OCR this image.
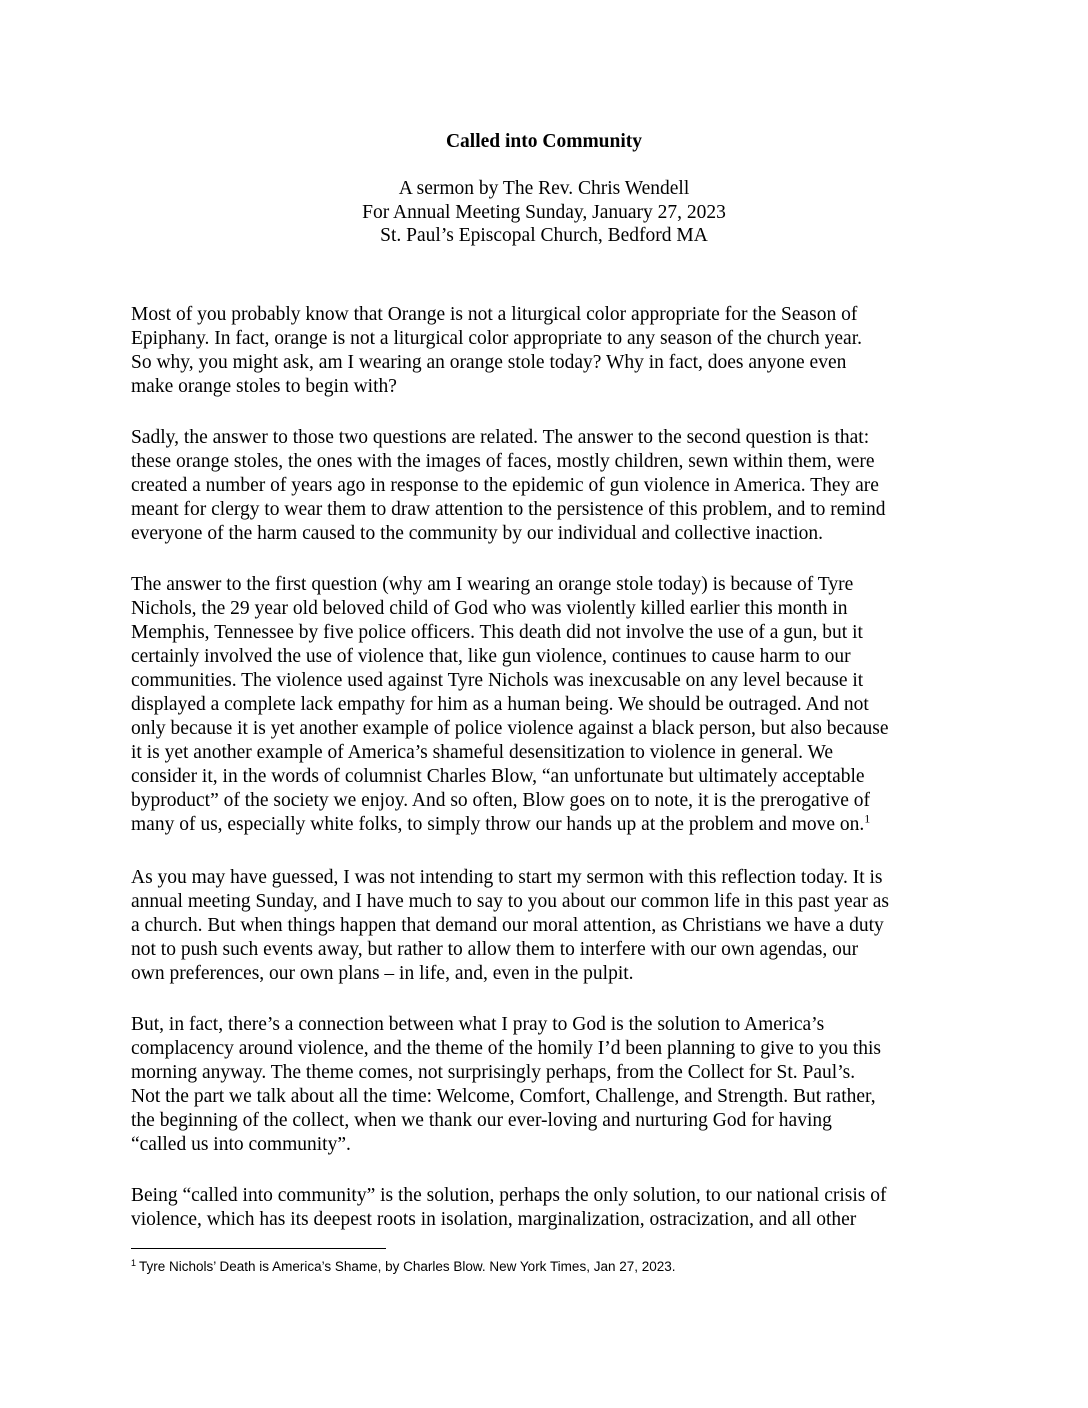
Called into Community
A sermon by The Rev. Chris Wendell
For Annual Meeting Sunday, January 27, 2023
St. Paul’s Episcopal Church, Bedford MA
Most of you probably know that Orange is not a liturgical color appropriate for the Season of
Epiphany. In fact, orange is not a liturgical color appropriate to any season of the church year.
So why, you might ask, am I wearing an orange stole today? Why in fact, does anyone even
make orange stoles to begin with?
Sadly, the answer to those two questions are related. The answer to the second question is that:
these orange stoles, the ones with the images of faces, mostly children, sewn within them, were
created a number of years ago in response to the epidemic of gun violence in America. They are
meant for clergy to wear them to draw attention to the persistence of this problem, and to remind
everyone of the harm caused to the community by our individual and collective inaction.
The answer to the first question (why am I wearing an orange stole today) is because of Tyre
Nichols, the 29 year old beloved child of God who was violently killed earlier this month in
Memphis, Tennessee by five police officers. This death did not involve the use of a gun, but it
certainly involved the use of violence that, like gun violence, continues to cause harm to our
communities. The violence used against Tyre Nichols was inexcusable on any level because it
displayed a complete lack empathy for him as a human being. We should be outraged. And not
only because it is yet another example of police violence against a black person, but also because
it is yet another example of America’s shameful desensitization to violence in general. We
consider it, in the words of columnist Charles Blow, “an unfortunate but ultimately acceptable
byproduct” of the society we enjoy. And so often, Blow goes on to note, it is the prerogative of
many of us, especially white folks, to simply throw our hands up at the problem and move on.$^1$
As you may have guessed, I was not intending to start my sermon with this reflection today. It is
annual meeting Sunday, and I have much to say to you about our common life in this past year as
a church. But when things happen that demand our moral attention, as Christians we have a duty
not to push such events away, but rather to allow them to interfere with our own agendas, our
own preferences, our own plans – in life, and, even in the pulpit.
But, in fact, there’s a connection between what I pray to God is the solution to America’s
complacency around violence, and the theme of the homily I’d been planning to give to you this
morning anyway. The theme comes, not surprisingly perhaps, from the Collect for St. Paul’s.
Not the part we talk about all the time: Welcome, Comfort, Challenge, and Strength. But rather,
the beginning of the collect, when we thank our ever-loving and nurturing God for having
“called us into community”.
Being “called into community” is the solution, perhaps the only solution, to our national crisis of
violence, which has its deepest roots in isolation, marginalization, ostracization, and all other
$^1$ Tyre Nichols’ Death is America’s Shame, by Charles Blow. New York Times, Jan 27, 2023.
